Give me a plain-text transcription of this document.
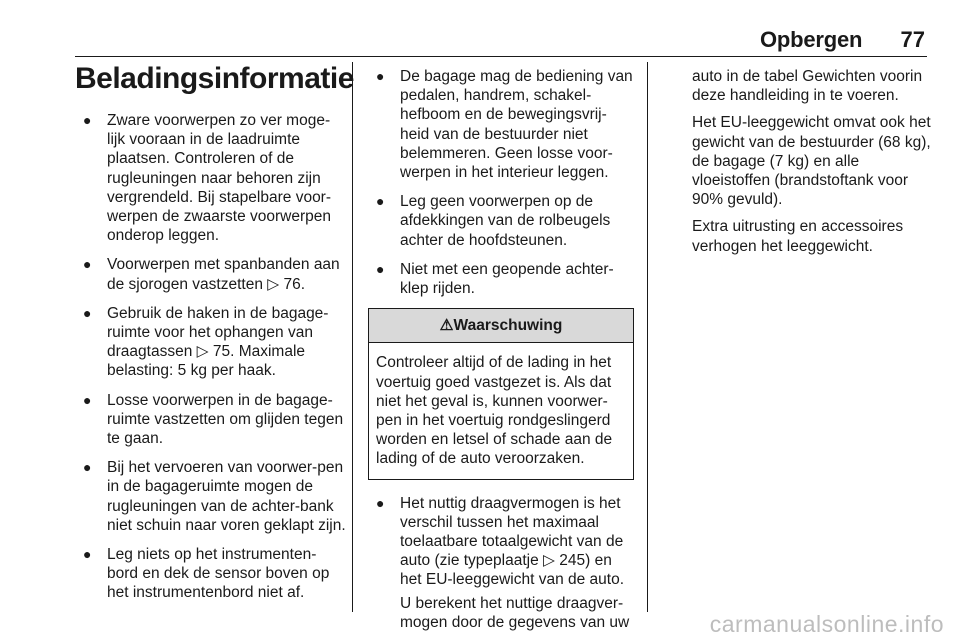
Opbergen 77
Beladingsinformatie
● Zware voorwerpen zo ver moge-lijk vooraan in de laadruimte plaatsen. Controleren of de rugleuningen naar behoren zijn vergrendeld. Bij stapelbare voor-werpen de zwaarste voorwerpen onderop leggen.
● Voorwerpen met spanbanden aan de sjorogen vastzetten ▷ 76.
● Gebruik de haken in de bagage-ruimte voor het ophangen van draagtassen ▷ 75. Maximale belasting: 5 kg per haak.
● Losse voorwerpen in de bagage-ruimte vastzetten om glijden tegen te gaan.
● Bij het vervoeren van voorwer-pen in de bagageruimte mogen de rugleuningen van de achter-bank niet schuin naar voren geklapt zijn.
● Leg niets op het instrumenten-bord en dek de sensor boven op het instrumentenbord niet af.
● De bagage mag de bediening van pedalen, handrem, schakel-hefboom en de bewegingsvrij-heid van de bestuurder niet belemmeren. Geen losse voor-werpen in het interieur leggen.
● Leg geen voorwerpen op de afdekkingen van de rolbeugels achter de hoofdsteunen.
● Niet met een geopende achter-klep rijden.
⚠Waarschuwing
Controleer altijd of de lading in het voertuig goed vastgezet is. Als dat niet het geval is, kunnen voorwer-pen in het voertuig rondgeslingerd worden en letsel of schade aan de lading of de auto veroorzaken.
● Het nuttig draagvermogen is het verschil tussen het maximaal toelaatbare totaalgewicht van de auto (zie typeplaatje ▷ 245) en het EU-leeggewicht van de auto.

U berekent het nuttige draagver-mogen door de gegevens van uw

auto in de tabel Gewichten voorin deze handleiding in te voeren.

Het EU-leeggewicht omvat ook het gewicht van de bestuurder (68 kg), de bagage (7 kg) en alle vloeistoffen (brandstoftank voor 90% gevuld).

Extra uitrusting en accessoires verhogen het leeggewicht.

carmanualsonline.info
